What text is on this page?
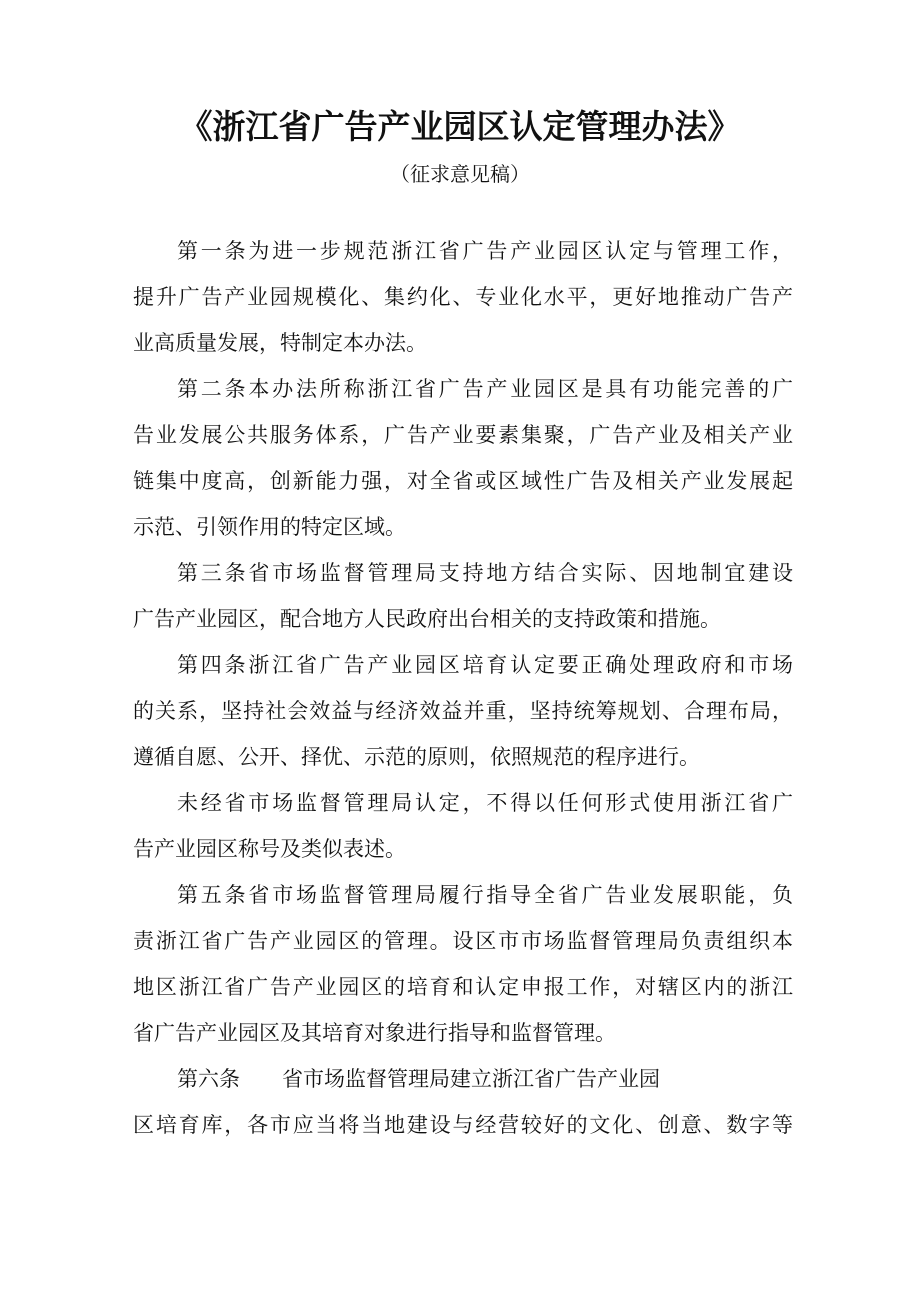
《浙江省广告产业园区认定管理办法》
（征求意见稿）
第一条为进一步规范浙江省广告产业园区认定与管理工作，
提升广告产业园规模化、集约化、专业化水平，更好地推动广告产
业高质量发展，特制定本办法。
第二条本办法所称浙江省广告产业园区是具有功能完善的广
告业发展公共服务体系，广告产业要素集聚，广告产业及相关产业
链集中度高，创新能力强，对全省或区域性广告及相关产业发展起
示范、引领作用的特定区域。
第三条省市场监督管理局支持地方结合实际、因地制宜建设
广告产业园区，配合地方人民政府出台相关的支持政策和措施。
第四条浙江省广告产业园区培育认定要正确处理政府和市场
的关系，坚持社会效益与经济效益并重，坚持统筹规划、合理布局，
遵循自愿、公开、择优、示范的原则，依照规范的程序进行。
未经省市场监督管理局认定，不得以任何形式使用浙江省广
告产业园区称号及类似表述。
第五条省市场监督管理局履行指导全省广告业发展职能，负
责浙江省广告产业园区的管理。设区市市场监督管理局负责组织本
地区浙江省广告产业园区的培育和认定申报工作，对辖区内的浙江
省广告产业园区及其培育对象进行指导和监督管理。
第六条　　省市场监督管理局建立浙江省广告产业园
区培育库，各市应当将当地建设与经营较好的文化、创意、数字等
